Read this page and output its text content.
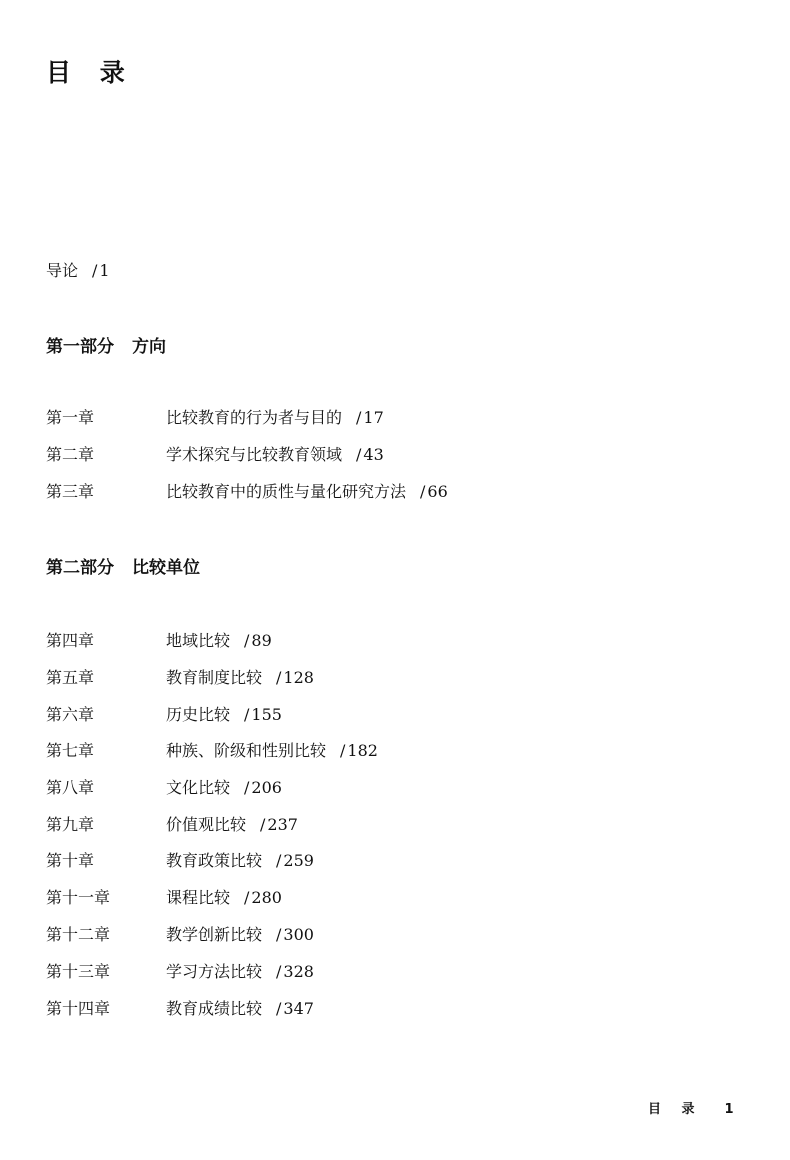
目 录
导论 / 1
第一部分 方向
第一章	比较教育的行为者与目的 / 17
第二章	学术探究与比较教育领域 / 43
第三章	比较教育中的质性与量化研究方法 / 66
第二部分 比较单位
第四章	地域比较 / 89
第五章	教育制度比较 / 128
第六章	历史比较 / 155
第七章	种族、阶级和性别比较 / 182
第八章	文化比较 / 206
第九章	价值观比较 / 237
第十章	教育政策比较 / 259
第十一章	课程比较 / 280
第十二章	教学创新比较 / 300
第十三章	学习方法比较 / 328
第十四章	教育成绩比较 / 347
目 录 1
